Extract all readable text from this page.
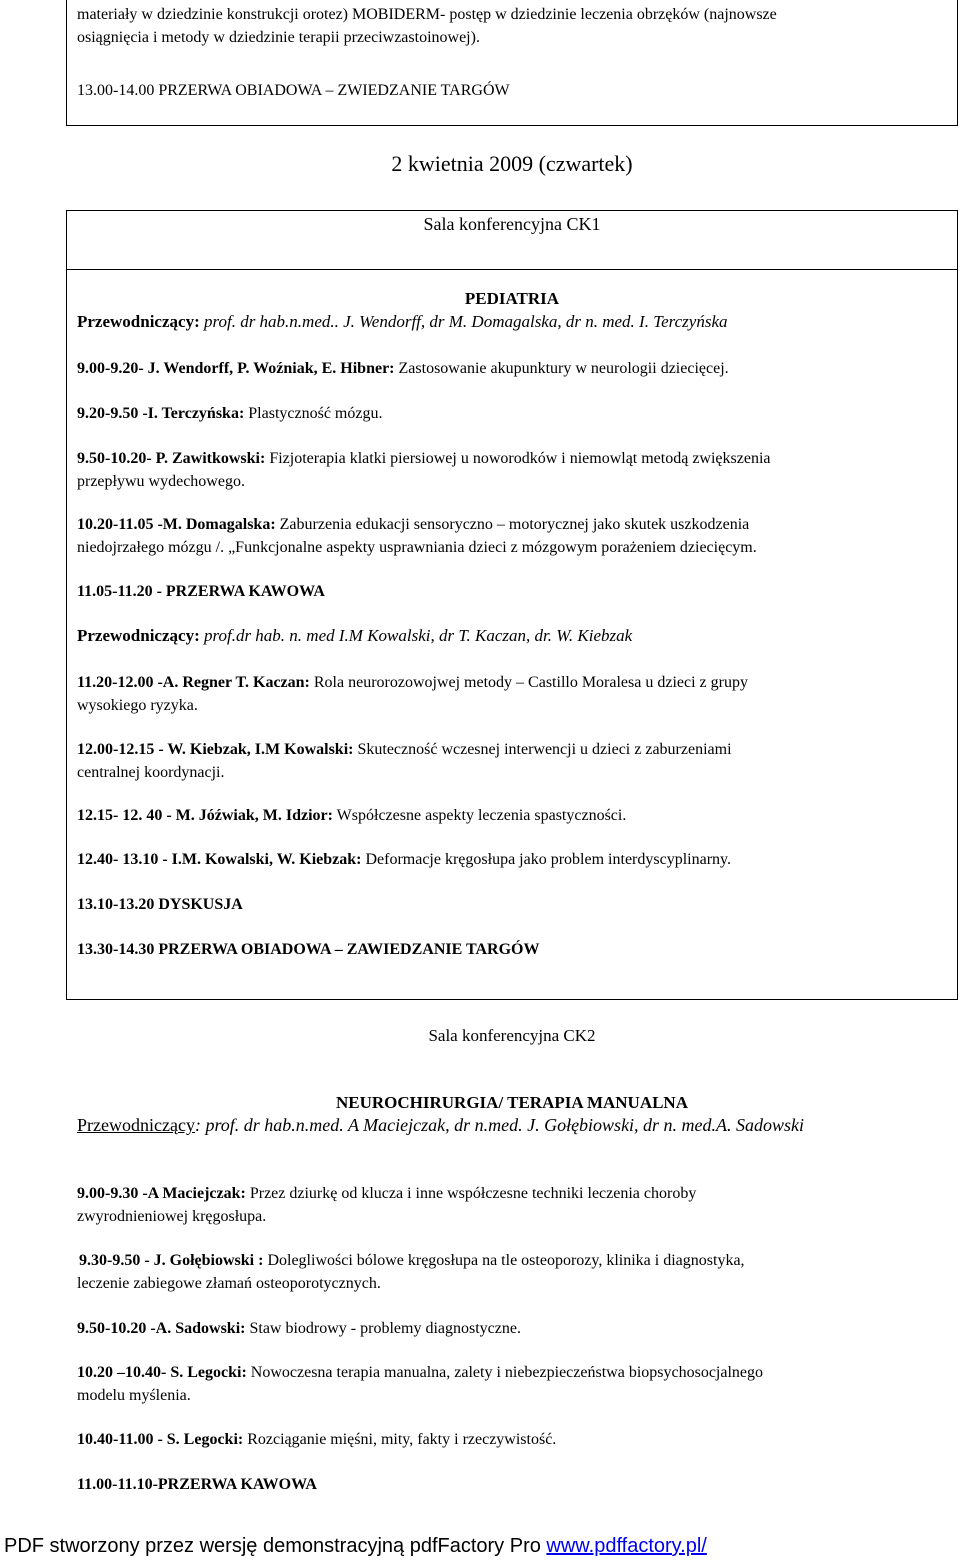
materiały w dziedzinie konstrukcji orotez) MOBIDERM- postęp w dziedzinie leczenia obrzęków (najnowsze
osiągnięcia i metody w dziedzinie terapii przeciwzastoinowej).
13.00-14.00 PRZERWA OBIADOWA – ZWIEDZANIE TARGÓW
2 kwietnia 2009 (czwartek)
Sala konferencyjna CK1
PEDIATRIA
Przewodniczący: prof. dr hab.n.med.. J. Wendorff, dr M. Domagalska, dr n. med. I. Terczyńska
9.00-9.20- J. Wendorff, P. Woźniak, E. Hibner: Zastosowanie akupunktury w neurologii dziecięcej.
9.20-9.50 -I. Terczyńska: Plastyczność mózgu.
9.50-10.20- P. Zawitkowski: Fizjoterapia klatki piersiowej u noworodków i niemowląt metodą zwiększenia
przepływu wydechowego.
10.20-11.05 -M. Domagalska: Zaburzenia edukacji sensoryczno – motorycznej jako skutek uszkodzenia
niedojrzałego mózgu /. „Funkcjonalne aspekty usprawniania dzieci z mózgowym porażeniem dziecięcym.
11.05-11.20 - PRZERWA KAWOWA
Przewodniczący: prof.dr hab. n. med I.M Kowalski, dr T. Kaczan, dr. W. Kiebzak
11.20-12.00 -A. Regner T. Kaczan: Rola neurorozowojwej metody – Castillo Moralesa u dzieci z grupy
wysokiego ryzyka.
12.00-12.15 - W. Kiebzak, I.M Kowalski: Skuteczność wczesnej interwencji u dzieci z zaburzeniami
centralnej koordynacji.
12.15- 12. 40 - M. Jóźwiak, M. Idzior: Współczesne aspekty leczenia spastyczności.
12.40- 13.10 - I.M. Kowalski, W. Kiebzak: Deformacje kręgosłupa jako problem interdyscyplinarny.
13.10-13.20 DYSKUSJA
13.30-14.30 PRZERWA OBIADOWA – ZAWIEDZANIE TARGÓW
Sala konferencyjna CK2
NEUROCHIRURGIA/ TERAPIA MANUALNA
Przewodniczący: prof. dr hab.n.med. A Maciejczak, dr n.med. J. Gołębiowski, dr n. med.A. Sadowski
9.00-9.30 -A Maciejczak: Przez dziurkę od klucza i inne współczesne techniki leczenia choroby
zwyrodnieniowej kręgosłupa.
9.30-9.50 - J. Gołębiowski : Dolegliwości bólowe kręgosłupa na tle osteoporozy, klinika i diagnostyka,
leczenie zabiegowe złamań osteoporotycznych.
9.50-10.20 -A. Sadowski: Staw biodrowy - problemy diagnostyczne.
10.20 –10.40- S. Legocki: Nowoczesna terapia manualna, zalety i niebezpieczeństwa biopsychosocjalnego
modelu myślenia.
10.40-11.00 - S. Legocki: Rozciąganie mięśni, mity, fakty i rzeczywistość.
11.00-11.10-PRZERWA KAWOWA
PDF stworzony przez wersję demonstracyjną pdfFactory Pro www.pdffactory.pl/
